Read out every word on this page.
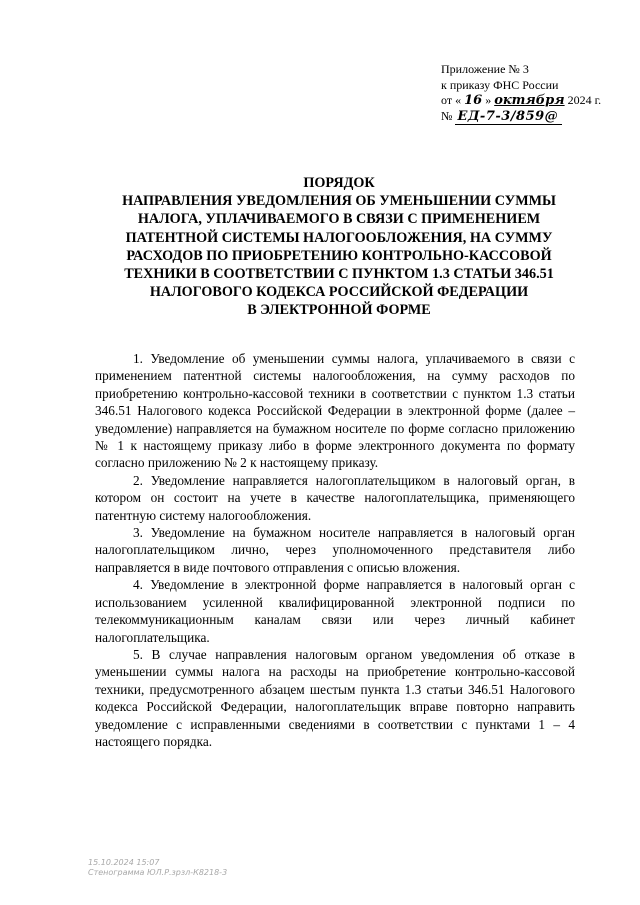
Приложение № 3
к приказу ФНС России
от « 16 » октября 2024 г.
№ ЕД-7-3/859@
ПОРЯДОК
НАПРАВЛЕНИЯ УВЕДОМЛЕНИЯ ОБ УМЕНЬШЕНИИ СУММЫ
НАЛОГА, УПЛАЧИВАЕМОГО В СВЯЗИ С ПРИМЕНЕНИЕМ
ПАТЕНТНОЙ СИСТЕМЫ НАЛОГООБЛОЖЕНИЯ, НА СУММУ
РАСХОДОВ ПО ПРИОБРЕТЕНИЮ КОНТРОЛЬНО-КАССОВОЙ
ТЕХНИКИ В СООТВЕТСТВИИ С ПУНКТОМ 1.3 СТАТЬИ 346.51
НАЛОГОВОГО КОДЕКСА РОССИЙСКОЙ ФЕДЕРАЦИИ
В ЭЛЕКТРОННОЙ ФОРМЕ

1. Уведомление об уменьшении суммы налога, уплачиваемого в связи с применением патентной системы налогообложения, на сумму расходов по приобретению контрольно-кассовой техники в соответствии с пунктом 1.3 статьи 346.51 Налогового кодекса Российской Федерации в электронной форме (далее – уведомление) направляется на бумажном носителе по форме согласно приложению № 1 к настоящему приказу либо в форме электронного документа по формату согласно приложению № 2 к настоящему приказу.

2. Уведомление направляется налогоплательщиком в налоговый орган, в котором он состоит на учете в качестве налогоплательщика, применяющего патентную систему налогообложения.

3. Уведомление на бумажном носителе направляется в налоговый орган налогоплательщиком лично, через уполномоченного представителя либо направляется в виде почтового отправления с описью вложения.

4. Уведомление в электронной форме направляется в налоговый орган с использованием усиленной квалифицированной электронной подписи по телекоммуникационным каналам связи или через личный кабинет налогоплательщика.

5. В случае направления налоговым органом уведомления об отказе в уменьшении суммы налога на расходы на приобретение контрольно-кассовой техники, предусмотренного абзацем шестым пункта 1.3 статьи 346.51 Налогового кодекса Российской Федерации, налогоплательщик вправе повторно направить уведомление с исправленными сведениями в соответствии с пунктами 1 – 4 настоящего порядка.

15.10.2024 15:07
Стенограмма ЮЛ.Р.зрзл-К8218-3
